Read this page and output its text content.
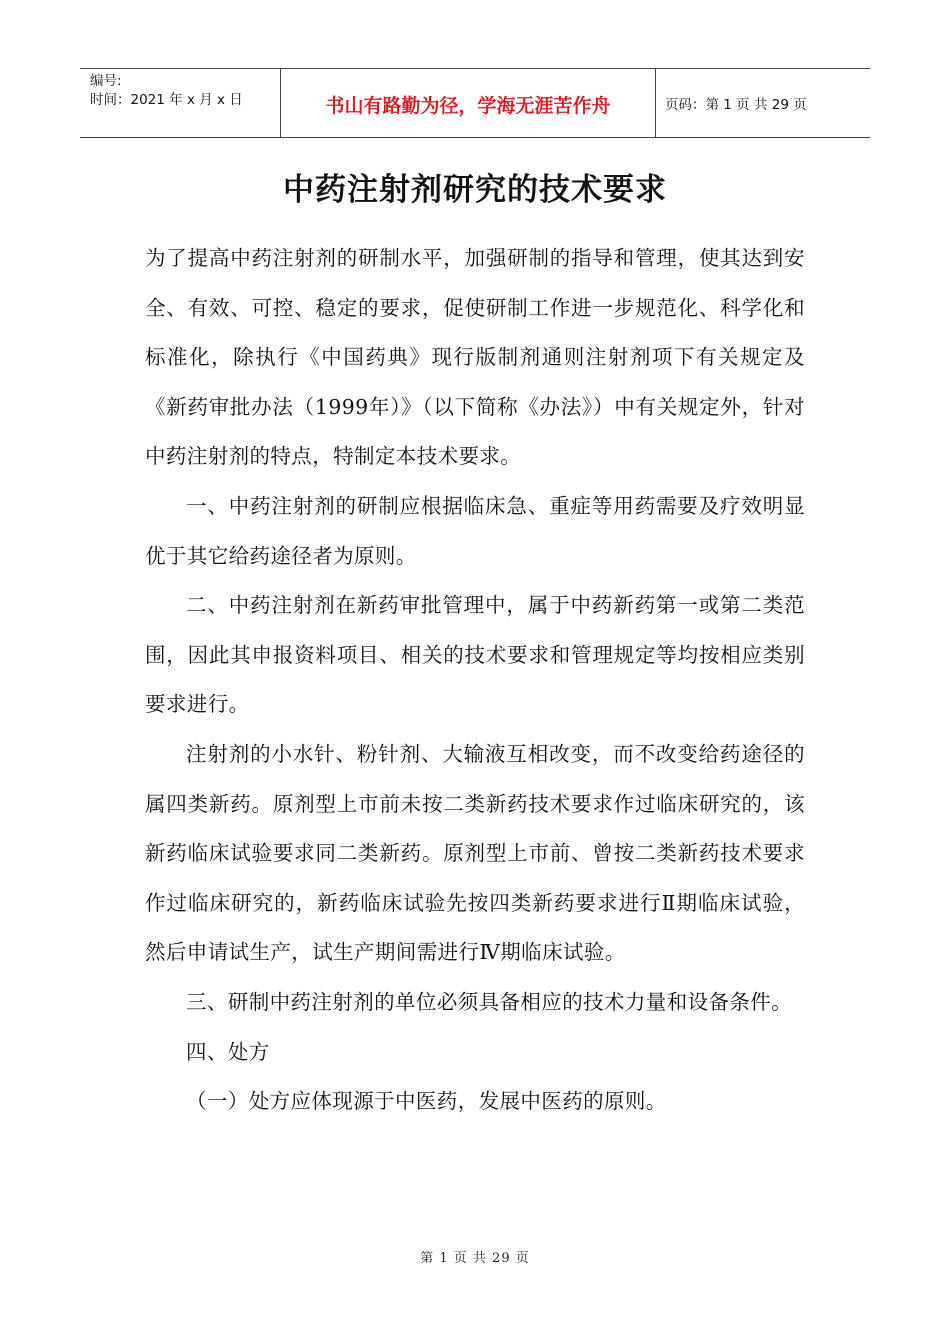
编号:
时间：2021 年 x 月 x 日	书山有路勤为径，学海无涯苦作舟	页码：第 1 页 共 29 页
中药注射剂研究的技术要求

为了提高中药注射剂的研制水平，加强研制的指导和管理，使其达到安全、有效、可控、稳定的要求，促使研制工作进一步规范化、科学化和标准化，除执行《中国药典》现行版制剂通则注射剂项下有关规定及《新药审批办法（1999年）》（以下简称《办法》）中有关规定外，针对中药注射剂的特点，特制定本技术要求。

一、中药注射剂的研制应根据临床急、重症等用药需要及疗效明显优于其它给药途径者为原则。

二、中药注射剂在新药审批管理中，属于中药新药第一或第二类范围，因此其申报资料项目、相关的技术要求和管理规定等均按相应类别要求进行。

注射剂的小水针、粉针剂、大输液互相改变，而不改变给药途径的属四类新药。原剂型上市前未按二类新药技术要求作过临床研究的，该新药临床试验要求同二类新药。原剂型上市前、曾按二类新药技术要求作过临床研究的，新药临床试验先按四类新药要求进行Ⅱ期临床试验，然后申请试生产，试生产期间需进行Ⅳ期临床试验。

三、研制中药注射剂的单位必须具备相应的技术力量和设备条件。

四、处方

（一）处方应体现源于中医药，发展中医药的原则。

第 1 页 共 29 页
